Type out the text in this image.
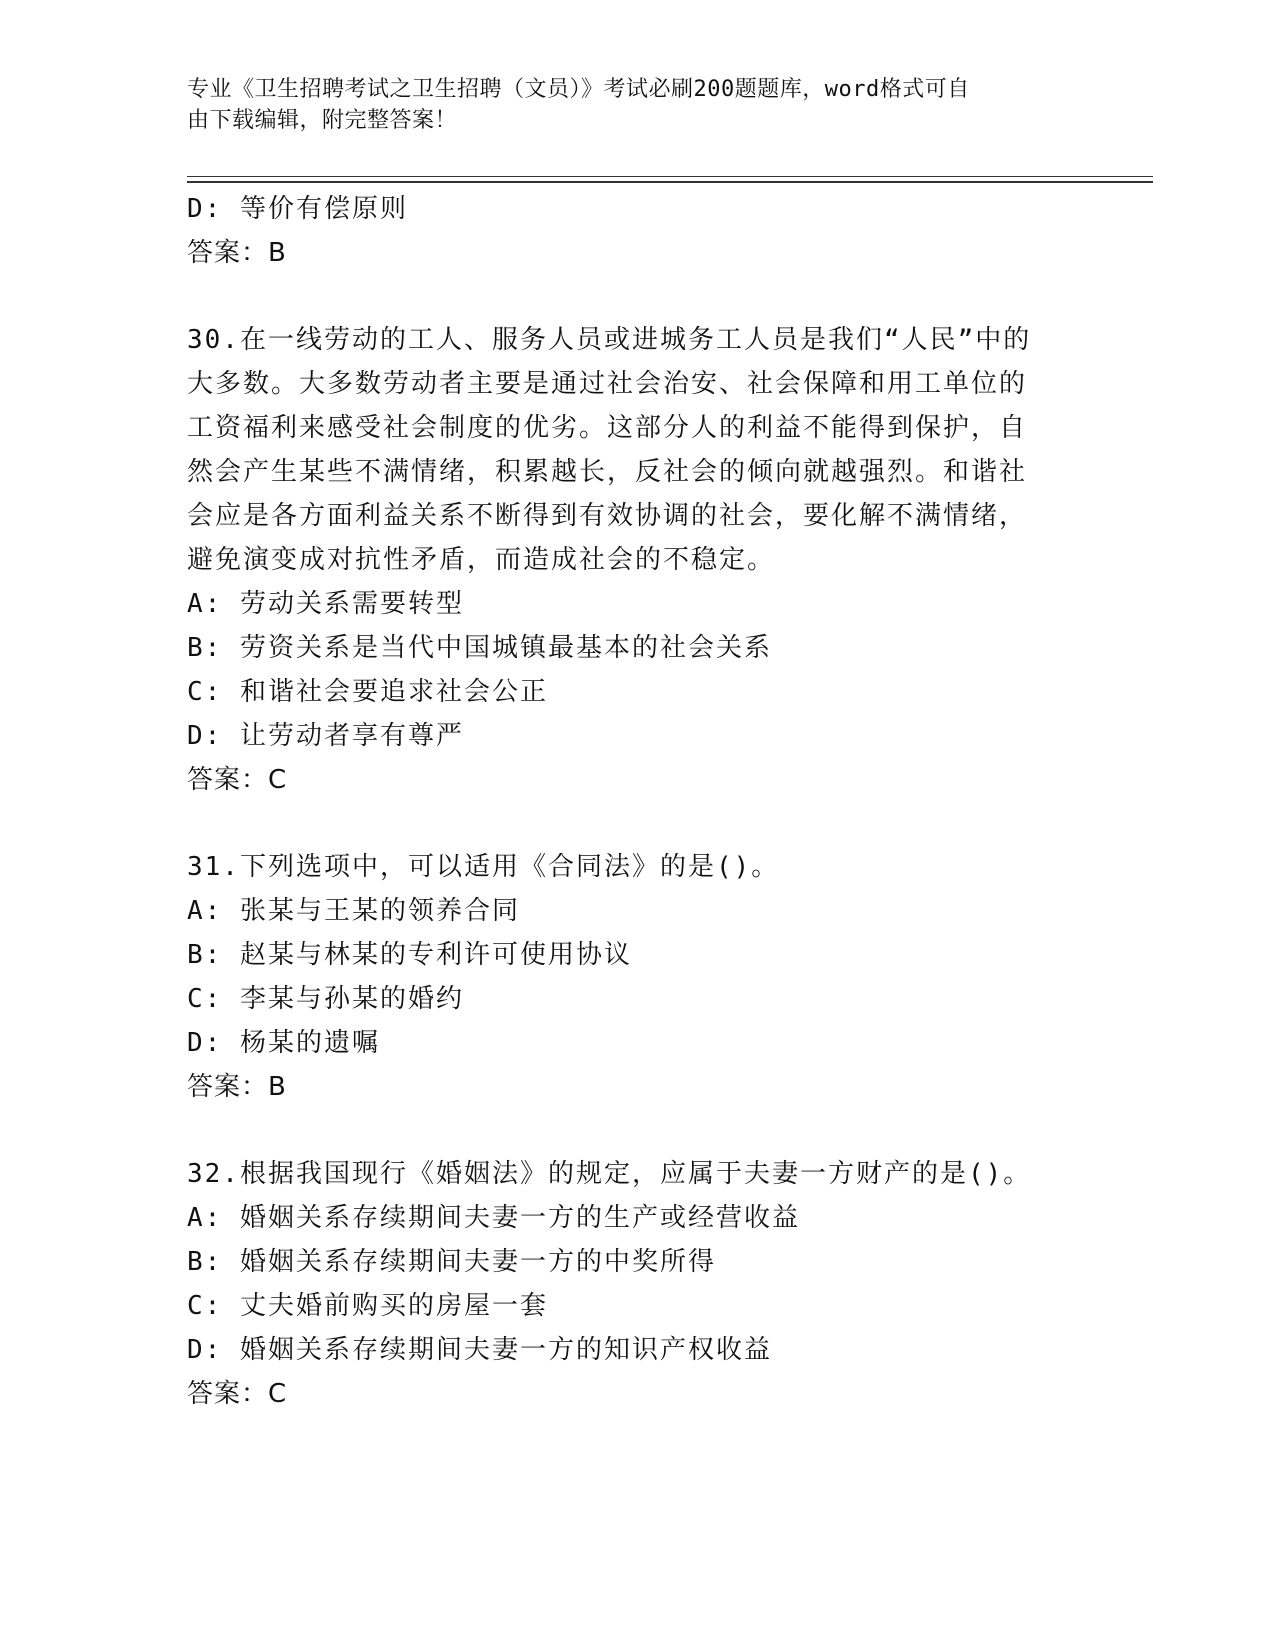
专业《卫生招聘考试之卫生招聘（文员）》考试必刷200题题库，word格式可自
由下载编辑，附完整答案！
D: 等价有偿原则
答案：B
30.在一线劳动的工人、服务人员或进城务工人员是我们“人民”中的
大多数。大多数劳动者主要是通过社会治安、社会保障和用工单位的
工资福利来感受社会制度的优劣。这部分人的利益不能得到保护，自
然会产生某些不满情绪，积累越长，反社会的倾向就越强烈。和谐社
会应是各方面利益关系不断得到有效协调的社会，要化解不满情绪，
避免演变成对抗性矛盾，而造成社会的不稳定。
A: 劳动关系需要转型
B: 劳资关系是当代中国城镇最基本的社会关系
C: 和谐社会要追求社会公正
D: 让劳动者享有尊严
答案：C
31.下列选项中，可以适用《合同法》的是()。
A: 张某与王某的领养合同
B: 赵某与林某的专利许可使用协议
C: 李某与孙某的婚约
D: 杨某的遗嘱
答案：B
32.根据我国现行《婚姻法》的规定，应属于夫妻一方财产的是()。
A: 婚姻关系存续期间夫妻一方的生产或经营收益
B: 婚姻关系存续期间夫妻一方的中奖所得
C: 丈夫婚前购买的房屋一套
D: 婚姻关系存续期间夫妻一方的知识产权收益
答案：C
